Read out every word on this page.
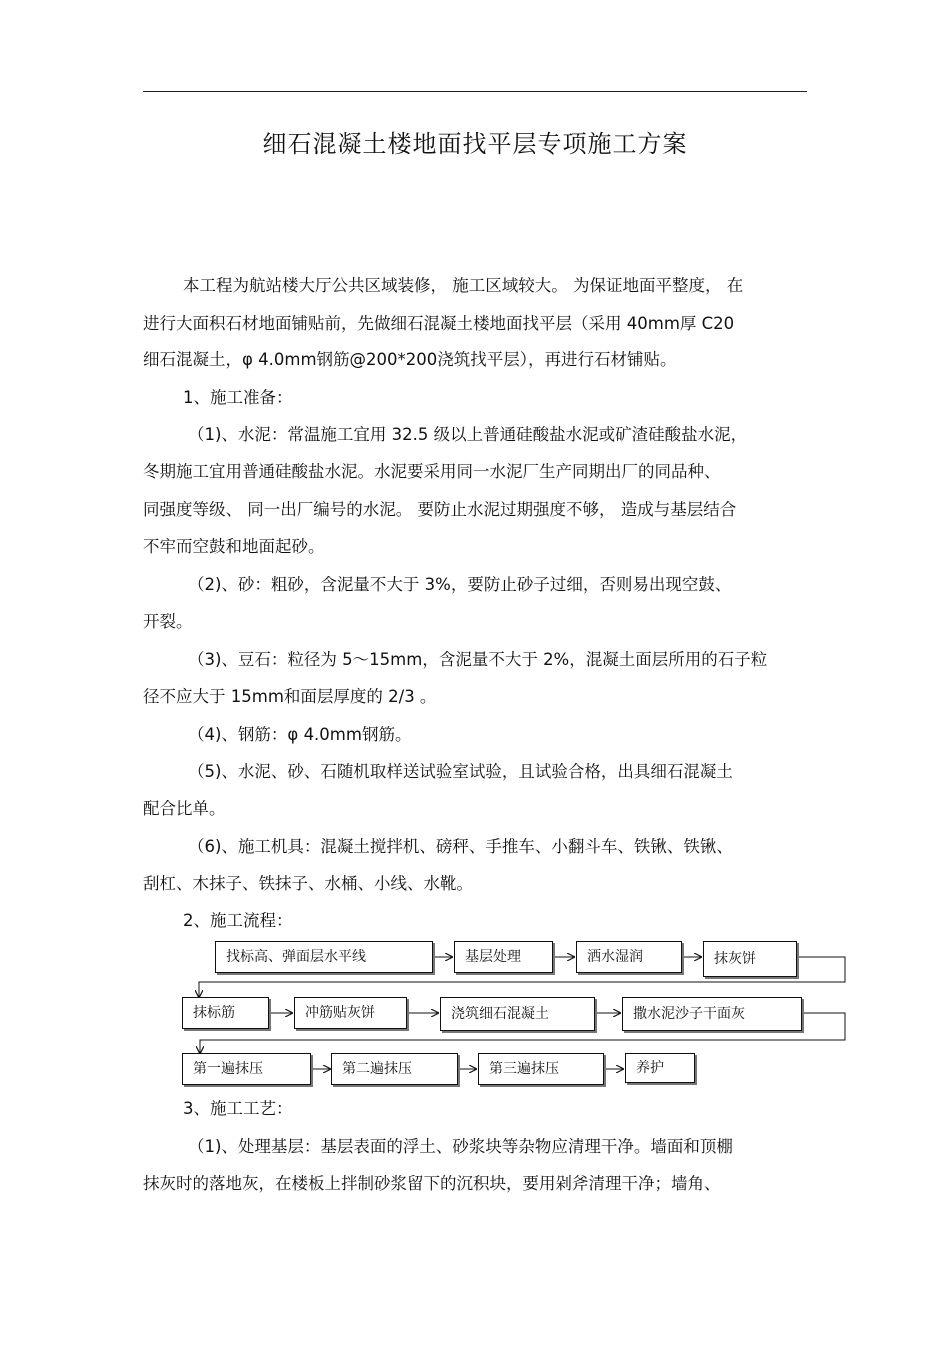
细石混凝土楼地面找平层专项施工方案
本工程为航站楼大厅公共区域装修， 施工区域较大。 为保证地面平整度， 在
进行大面积石材地面铺贴前，先做细石混凝土楼地面找平层（采用 40mm厚 C20
细石混凝土，φ 4.0mm钢筋@200*200浇筑找平层），再进行石材铺贴。
1、施工准备：
（1)、水泥：常温施工宜用 32.5 级以上普通硅酸盐水泥或矿渣硅酸盐水泥，
冬期施工宜用普通硅酸盐水泥。水泥要采用同一水泥厂生产同期出厂的同品种、
同强度等级、 同一出厂编号的水泥。 要防止水泥过期强度不够， 造成与基层结合
不牢而空鼓和地面起砂。
（2)、砂：粗砂，含泥量不大于 3%，要防止砂子过细，否则易出现空鼓、
开裂。
（3)、豆石：粒径为 5～15mm，含泥量不大于 2%，混凝土面层所用的石子粒
径不应大于 15mm和面层厚度的 2/3 。
（4)、钢筋：φ 4.0mm钢筋。
（5)、水泥、砂、石随机取样送试验室试验，且试验合格，出具细石混凝土
配合比单。
（6)、施工机具：混凝土搅拌机、磅秤、手推车、小翻斗车、铁锹、铁锹、
刮杠、木抹子、铁抹子、水桶、小线、水靴。
2、施工流程：
找标高、弹面层水平线	基层处理	洒水湿润	抹灰饼
抹标筋	冲筋贴灰饼	浇筑细石混凝土	撒水泥沙子干面灰
第一遍抹压	第二遍抹压	第三遍抹压	养护
3、施工工艺：
（1)、处理基层：基层表面的浮土、砂浆块等杂物应清理干净。墙面和顶棚
抹灰时的落地灰，在楼板上拌制砂浆留下的沉积块，要用剁斧清理干净；墙角、
